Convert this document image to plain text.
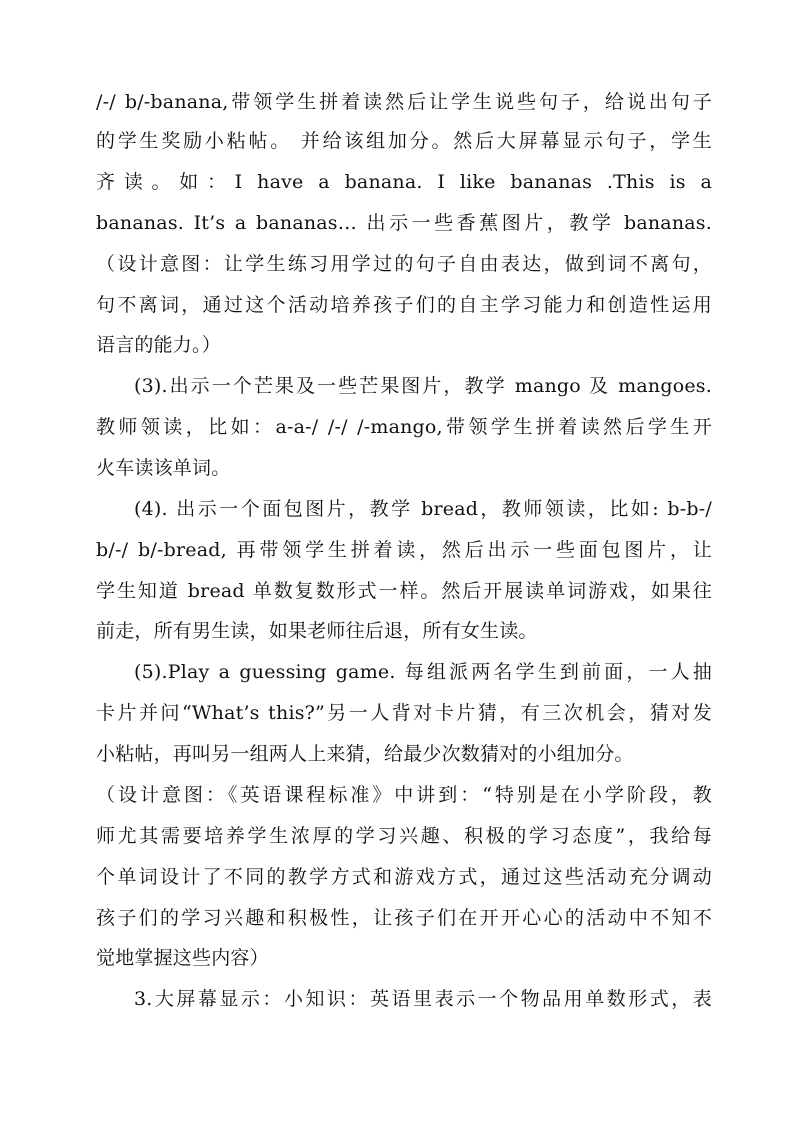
/-/ b/-banana,带领学生拼着读然后让学生说些句子，给说出句子
的学生奖励小粘帖。 并给该组加分。然后大屏幕显示句子，学生
齐读。如：I have a banana. I like bananas .This is a
bananas. It’s a bananas… 出示一些香蕉图片，教学 bananas.
（设计意图：让学生练习用学过的句子自由表达，做到词不离句，
句不离词，通过这个活动培养孩子们的自主学习能力和创造性运用
语言的能力。）
(3).出示一个芒果及一些芒果图片，教学 mango 及 mangoes.
教师领读，比如：a-a-/ /-/ /-mango,带领学生拼着读然后学生开
火车读该单词。
(4). 出示一个面包图片，教学 bread，教师领读，比如: b-b-/
b/-/ b/-bread, 再带领学生拼着读，然后出示一些面包图片，让
学生知道 bread 单数复数形式一样。然后开展读单词游戏，如果往
前走，所有男生读，如果老师往后退，所有女生读。
(5).Play a guessing game. 每组派两名学生到前面，一人抽
卡片并问“What’s this?”另一人背对卡片猜，有三次机会，猜对发
小粘帖，再叫另一组两人上来猜，给最少次数猜对的小组加分。
（设计意图：《英语课程标准》中讲到：“特别是在小学阶段，教
师尤其需要培养学生浓厚的学习兴趣、积极的学习态度”，我给每
个单词设计了不同的教学方式和游戏方式，通过这些活动充分调动
孩子们的学习兴趣和积极性，让孩子们在开开心心的活动中不知不
觉地掌握这些内容）
3.大屏幕显示：小知识：英语里表示一个物品用单数形式，表
